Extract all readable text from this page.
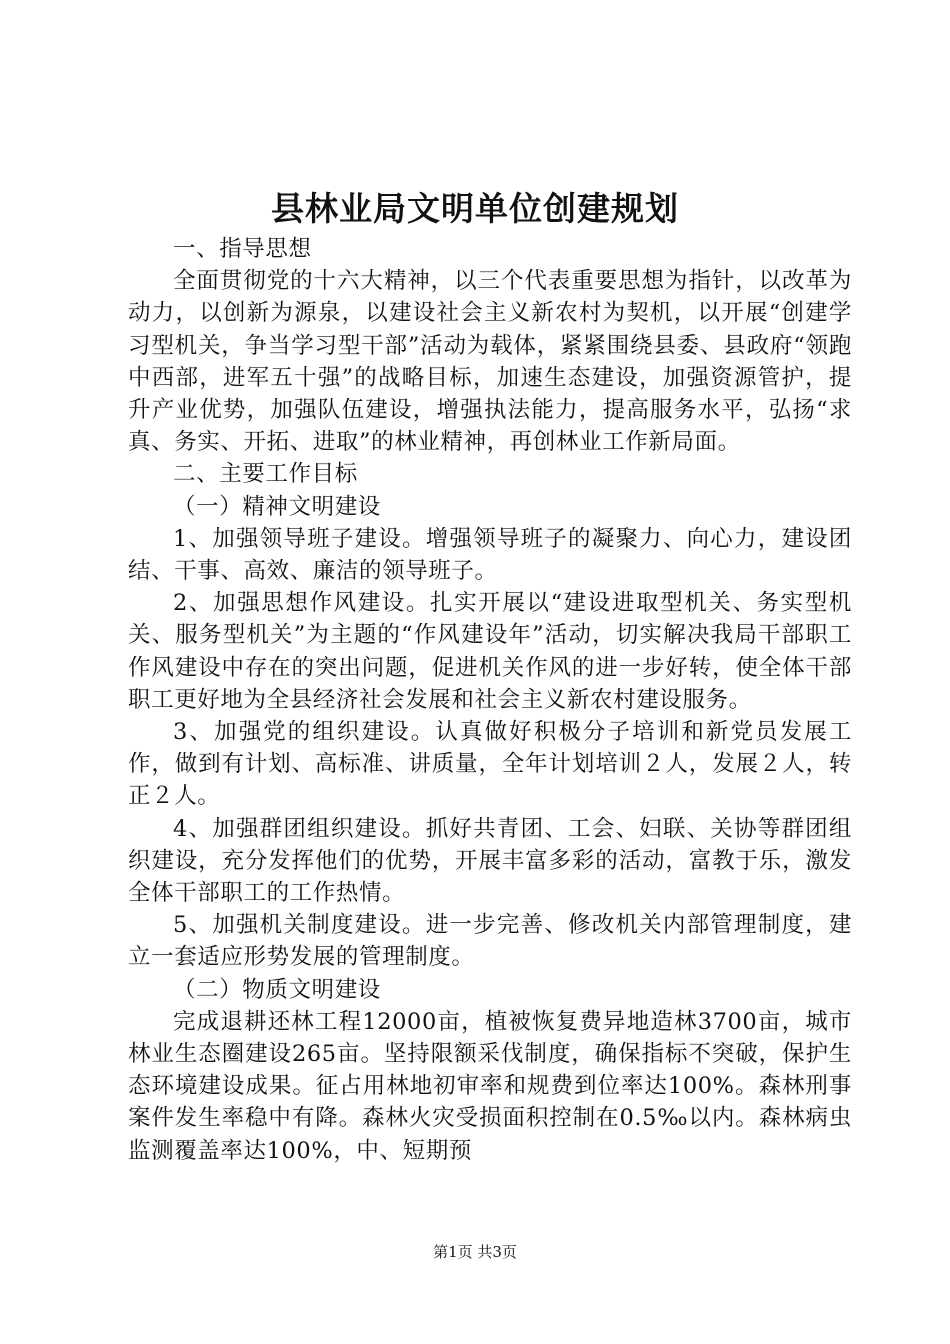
县林业局文明单位创建规划

一、指导思想

全面贯彻党的十六大精神，以三个代表重要思想为指针，以改革为动力，以创新为源泉，以建设社会主义新农村为契机，以开展“创建学习型机关，争当学习型干部”活动为载体，紧紧围绕县委、县政府“领跑中西部，进军五十强”的战略目标，加速生态建设，加强资源管护，提升产业优势，加强队伍建设，增强执法能力，提高服务水平，弘扬“求真、务实、开拓、进取”的林业精神，再创林业工作新局面。

二、主要工作目标

（一）精神文明建设

1、加强领导班子建设。增强领导班子的凝聚力、向心力，建设团结、干事、高效、廉洁的领导班子。

2、加强思想作风建设。扎实开展以“建设进取型机关、务实型机关、服务型机关”为主题的“作风建设年”活动，切实解决我局干部职工作风建设中存在的突出问题，促进机关作风的进一步好转，使全体干部职工更好地为全县经济社会发展和社会主义新农村建设服务。

3、加强党的组织建设。认真做好积极分子培训和新党员发展工作，做到有计划、高标准、讲质量，全年计划培训２人，发展２人，转正２人。

4、加强群团组织建设。抓好共青团、工会、妇联、关协等群团组织建设，充分发挥他们的优势，开展丰富多彩的活动，富教于乐，激发全体干部职工的工作热情。

5、加强机关制度建设。进一步完善、修改机关内部管理制度，建立一套适应形势发展的管理制度。

（二）物质文明建设

完成退耕还林工程12000亩，植被恢复费异地造林3700亩，城市林业生态圈建设265亩。坚持限额采伐制度，确保指标不突破，保护生态环境建设成果。征占用林地初审率和规费到位率达100%。森林刑事案件发生率稳中有降。森林火灾受损面积控制在0.5‰以内。森林病虫监测覆盖率达100%，中、短期预

第1页 共3页
